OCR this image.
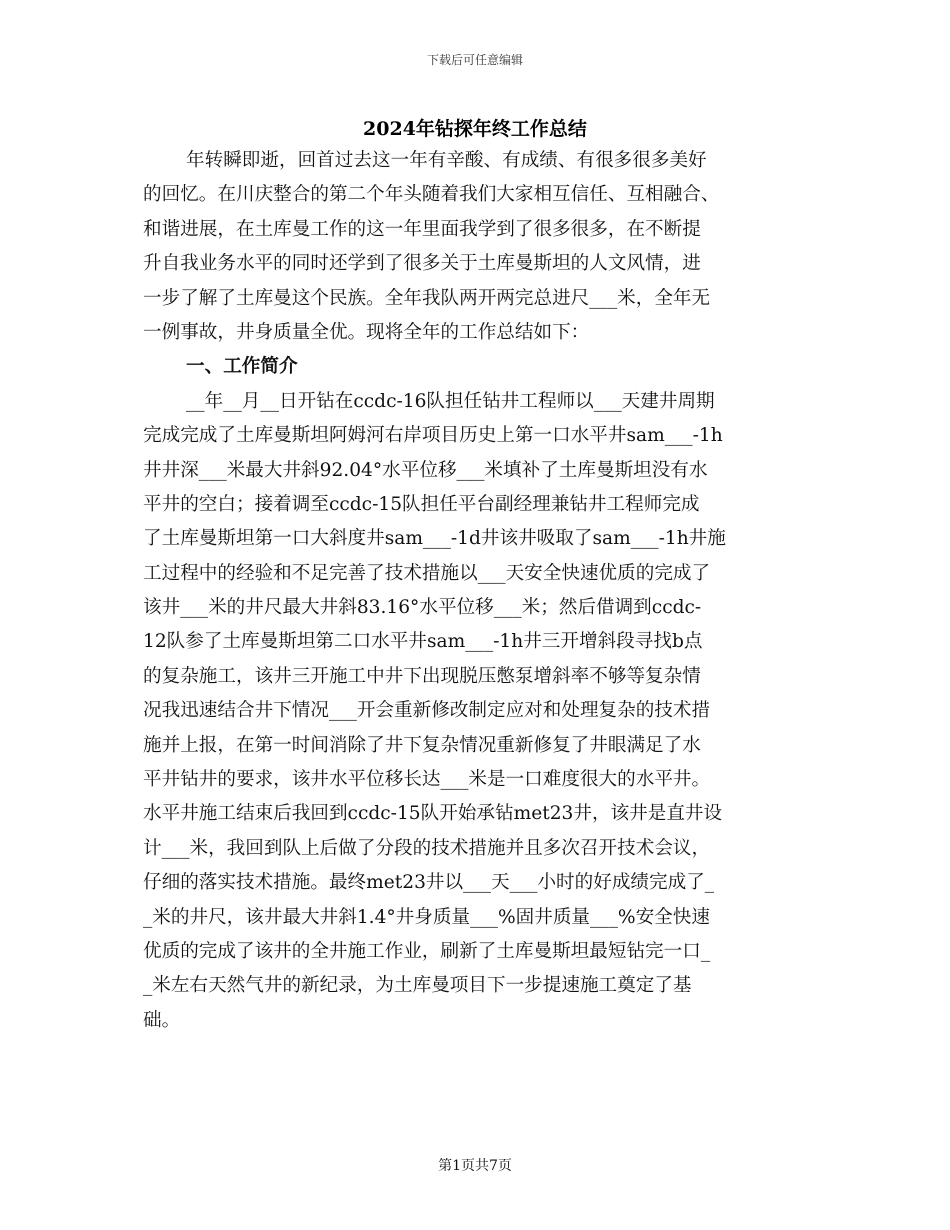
下载后可任意编辑
2024年钻探年终工作总结
年转瞬即逝，回首过去这一年有辛酸、有成绩、有很多很多美好
的回忆。在川庆整合的第二个年头随着我们大家相互信任、互相融合、
和谐进展，在土库曼工作的这一年里面我学到了很多很多，在不断提
升自我业务水平的同时还学到了很多关于土库曼斯坦的人文风情，进
一步了解了土库曼这个民族。全年我队两开两完总进尺___米，全年无
一例事故，井身质量全优。现将全年的工作总结如下：
一、工作简介
__年__月__日开钻在ccdc-16队担任钻井工程师以___天建井周期
完成完成了土库曼斯坦阿姆河右岸项目历史上第一口水平井sam___-1h
井井深___米最大井斜92.04°水平位移___米填补了土库曼斯坦没有水
平井的空白；接着调至ccdc-15队担任平台副经理兼钻井工程师完成
了土库曼斯坦第一口大斜度井sam___-1d井该井吸取了sam___-1h井施
工过程中的经验和不足完善了技术措施以___天安全快速优质的完成了
该井___米的井尺最大井斜83.16°水平位移___米；然后借调到ccdc-
12队参了土库曼斯坦第二口水平井sam___-1h井三开增斜段寻找b点
的复杂施工，该井三开施工中井下出现脱压憋泵增斜率不够等复杂情
况我迅速结合井下情况___开会重新修改制定应对和处理复杂的技术措
施并上报，在第一时间消除了井下复杂情况重新修复了井眼满足了水
平井钻井的要求，该井水平位移长达___米是一口难度很大的水平井。
水平井施工结束后我回到ccdc-15队开始承钻met23井，该井是直井设
计___米，我回到队上后做了分段的技术措施并且多次召开技术会议，
仔细的落实技术措施。最终met23井以___天___小时的好成绩完成了_
_米的井尺，该井最大井斜1.4°井身质量___%固井质量___%安全快速
优质的完成了该井的全井施工作业，刷新了土库曼斯坦最短钻完一口_
_米左右天然气井的新纪录，为土库曼项目下一步提速施工奠定了基
础。
第1页共7页
